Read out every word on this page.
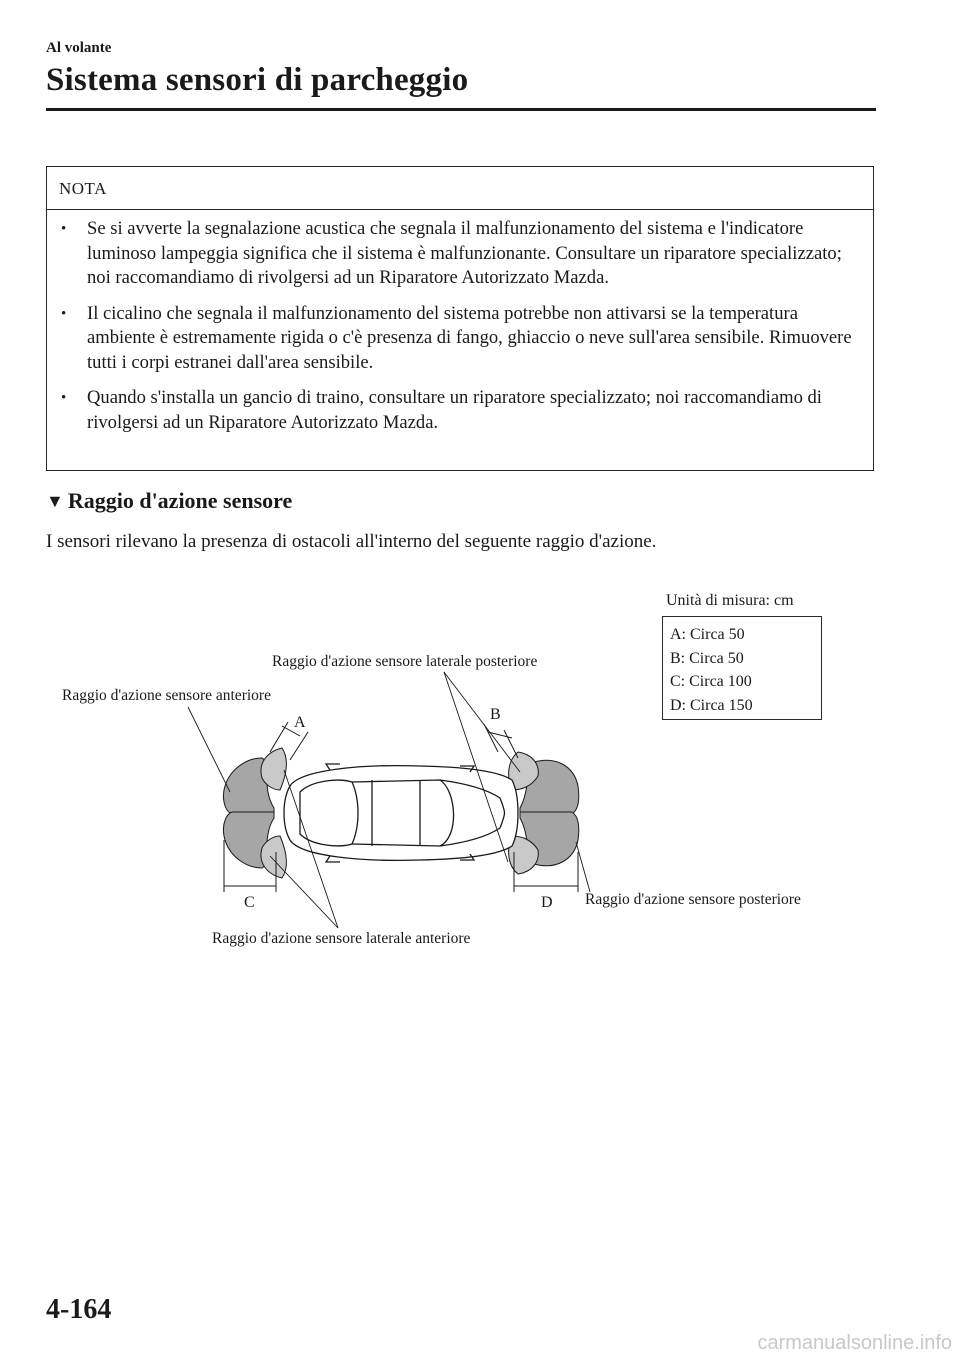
Al volante
Sistema sensori di parcheggio
NOTA
• Se si avverte la segnalazione acustica che segnala il malfunzionamento del sistema e l'indicatore luminoso lampeggia significa che il sistema è malfunzionante. Consultare un riparatore specializzato; noi raccomandiamo di rivolgersi ad un Riparatore Autorizzato Mazda.
• Il cicalino che segnala il malfunzionamento del sistema potrebbe non attivarsi se la temperatura ambiente è estremamente rigida o c'è presenza di fango, ghiaccio o neve sull'area sensibile. Rimuovere tutti i corpi estranei dall'area sensibile.
• Quando s'installa un gancio di traino, consultare un riparatore specializzato; noi raccomandiamo di rivolgersi ad un Riparatore Autorizzato Mazda.
▼ Raggio d'azione sensore
I sensori rilevano la presenza di ostacoli all'interno del seguente raggio d'azione.
Unità di misura: cm
A: Circa 50
B: Circa 50
C: Circa 100
D: Circa 150
Raggio d'azione sensore anteriore
Raggio d'azione sensore laterale posteriore
Raggio d'azione sensore laterale anteriore
Raggio d'azione sensore posteriore
A	B
C	D
4-164
carmanualsonline.info
